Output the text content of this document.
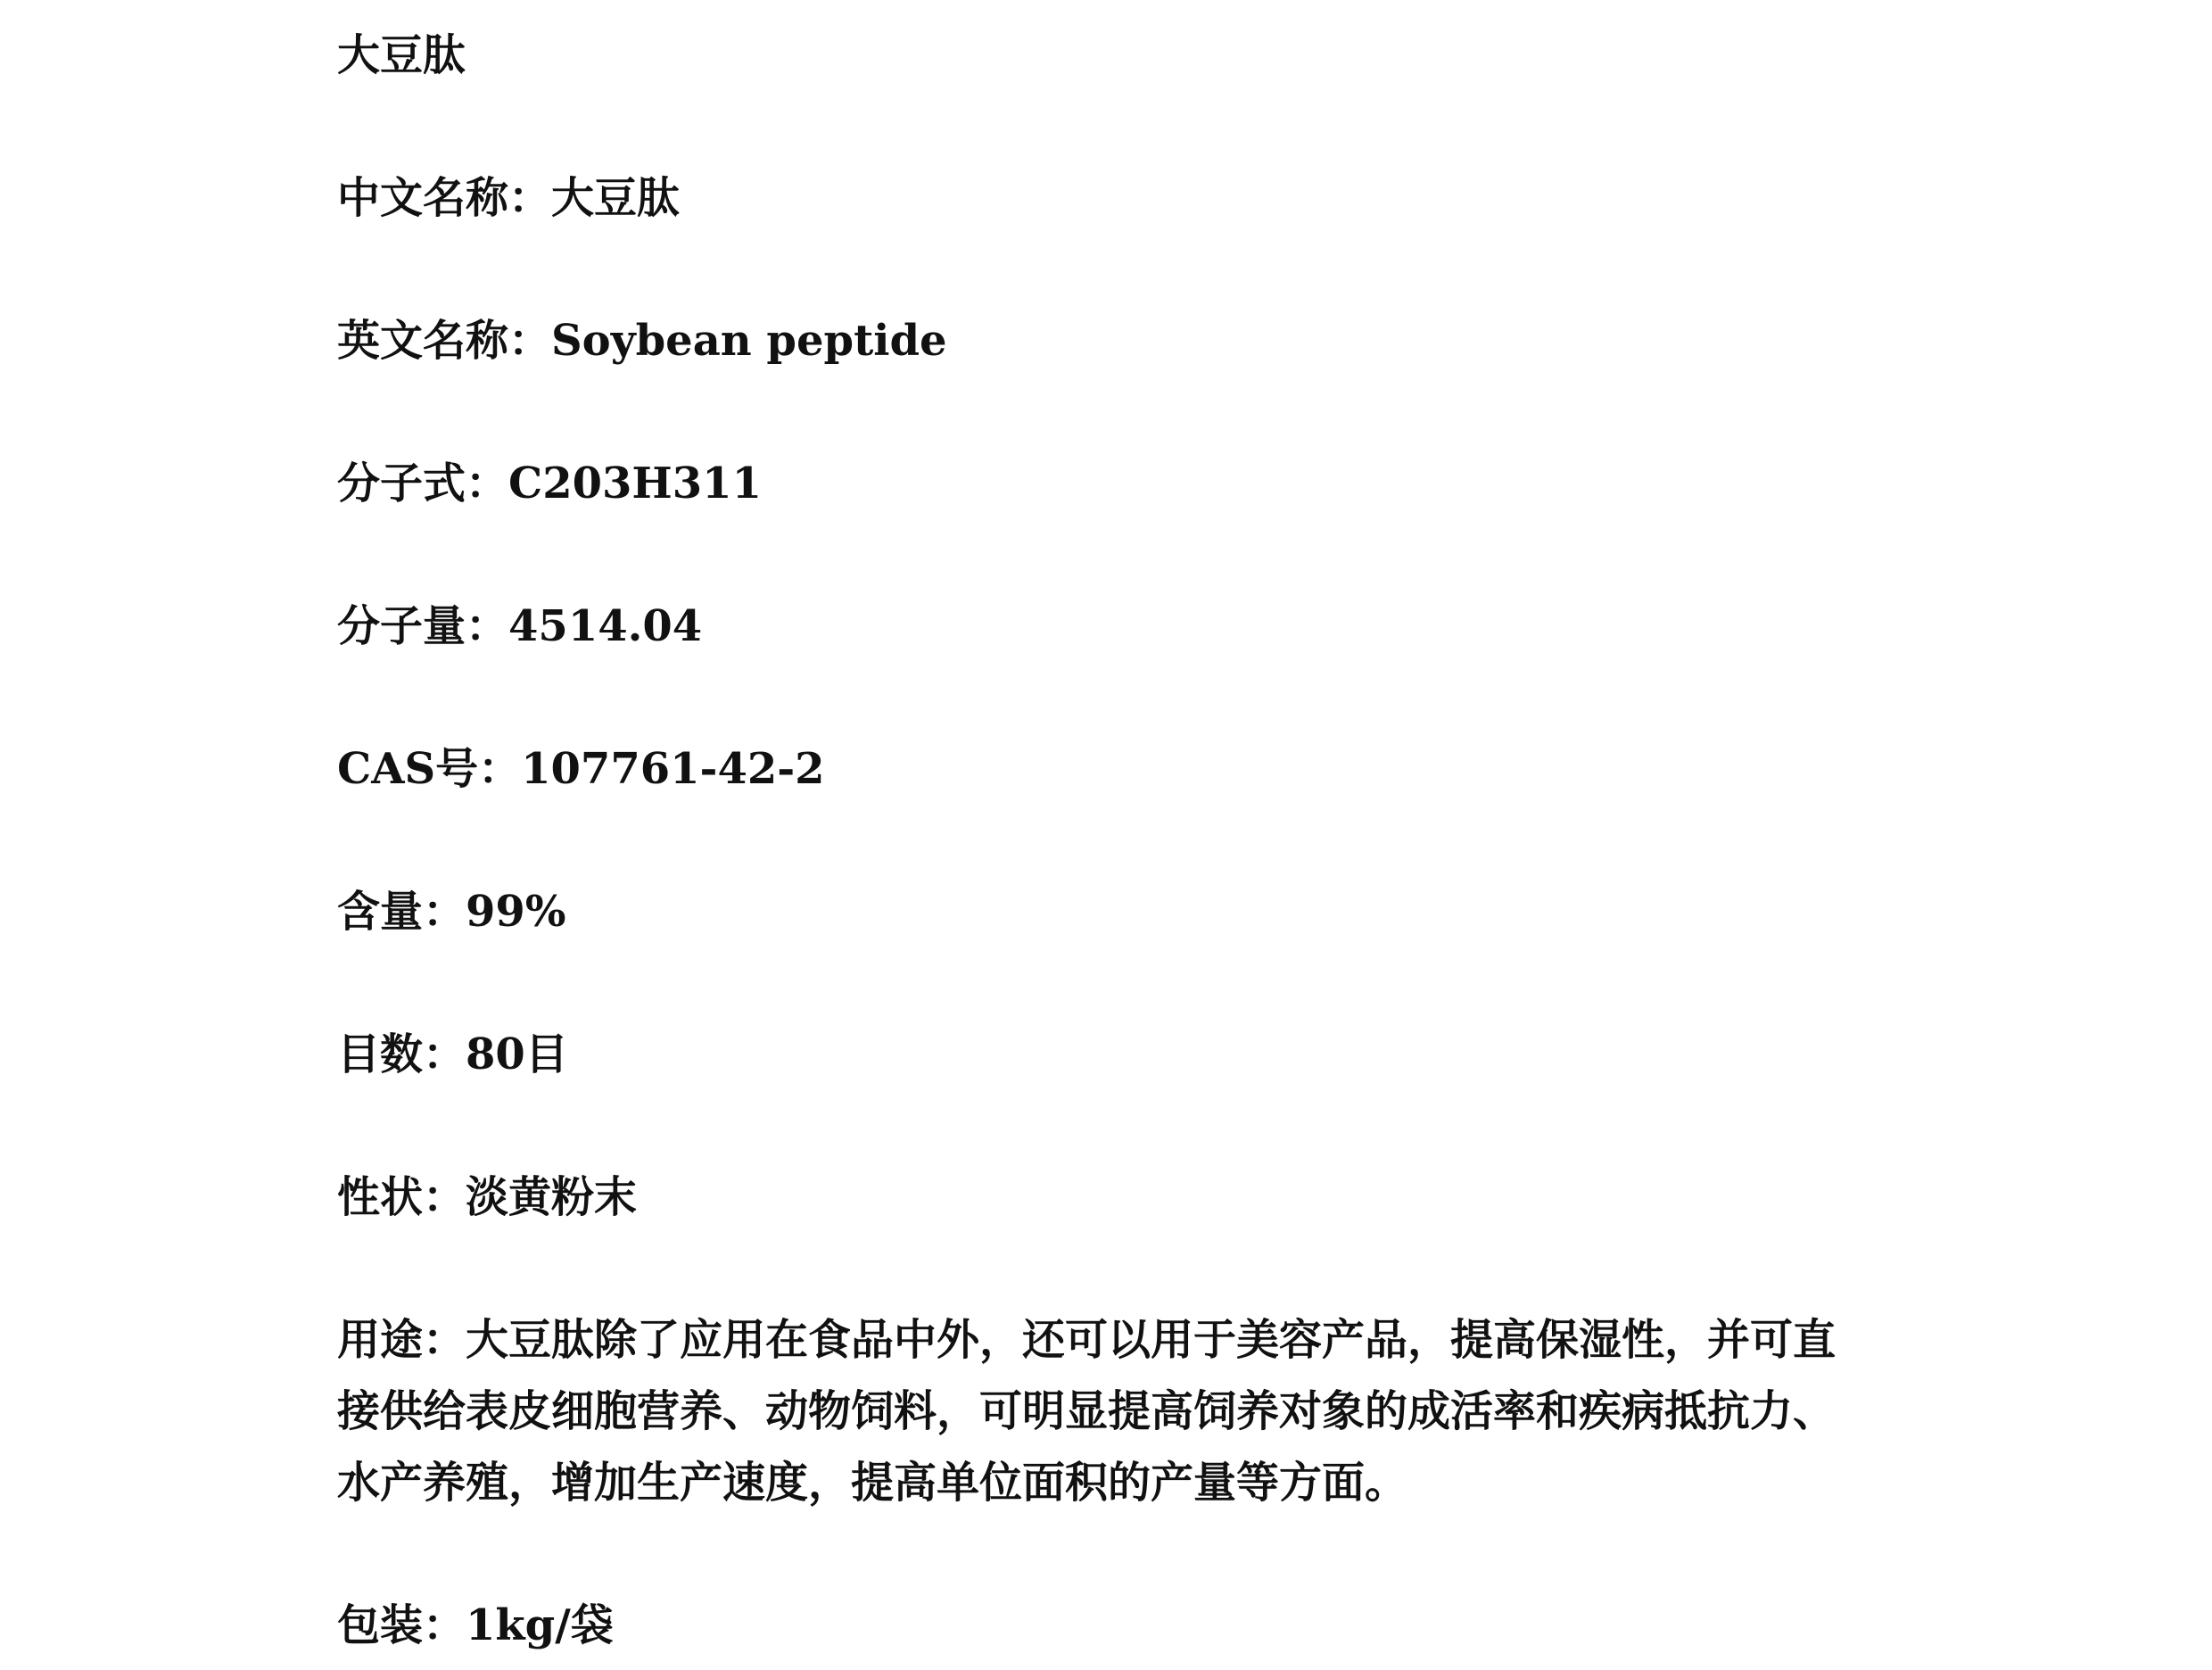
大豆肽
中文名称：大豆肽
英文名称：Soybean peptide
分子式：C203H311
分子量：4514.04
CAS号：107761-42-2
含量：99%
目数：80目
性状：淡黄粉末
用途：大豆肽除了应用在食品中外，还可以用于美容产品，提高保湿性，并可直接供给表皮细胞营养、动物饲料，可明显提高饲养对象的成活率和疾病抵抗力、水产养殖，增加生产速度，提高单位面积的产量等方面。
包装：1kg/袋
